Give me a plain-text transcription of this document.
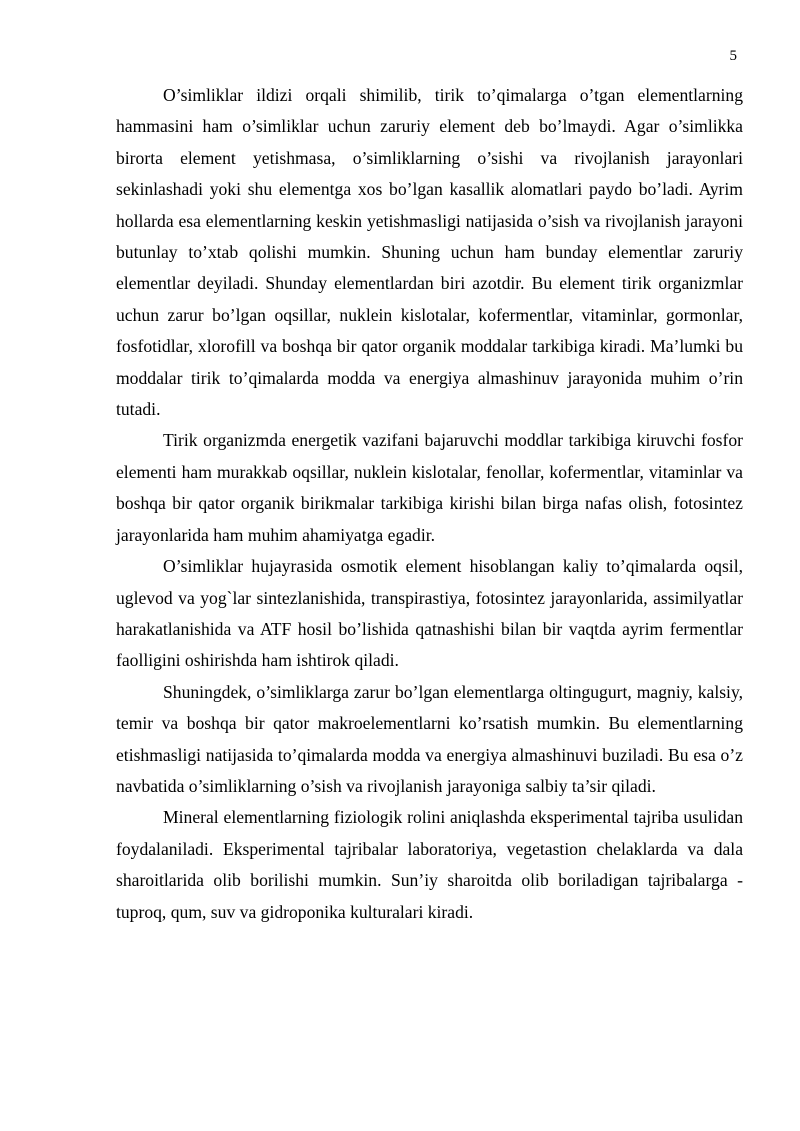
5

O’simliklar ildizi orqali shimilib, tirik to’qimalarga o’tgan elementlarning hammasini ham o’simliklar uchun zaruriy element deb bo’lmaydi. Agar o’simlikka birorta element yetishmasa, o’simliklarning o’sishi va rivojlanish jarayonlari sekinlashadi yoki shu elementga xos bo’lgan kasallik alomatlari paydo bo’ladi. Ayrim hollarda esa elementlarning keskin yetishmasligi natijasida o’sish va rivojlanish jarayoni butunlay to’xtab qolishi mumkin. Shuning uchun ham bunday elementlar zaruriy elementlar deyiladi. Shunday elementlardan biri azotdir. Bu element tirik organizmlar uchun zarur bo’lgan oqsillar, nuklein kislotalar, kofermentlar, vitaminlar, gormonlar, fosfotidlar, xlorofill va boshqa bir qator organik moddalar tarkibiga kiradi. Ma’lumki bu moddalar tirik to’qimalarda modda va energiya almashinuv jarayonida muhim o’rin tutadi.

Tirik organizmda energetik vazifani bajaruvchi moddlar tarkibiga kiruvchi fosfor elementi ham murakkab oqsillar, nuklein kislotalar, fenollar, kofermentlar, vitaminlar va boshqa bir qator organik birikmalar tarkibiga kirishi bilan birga nafas olish, fotosintez jarayonlarida ham muhim ahamiyatga egadir.

O’simliklar hujayrasida osmotik element hisoblangan kaliy to’qimalarda oqsil, uglevod va yog`lar sintezlanishida, transpirastiya, fotosintez jarayonlarida, assimilyatlar harakatlanishida va ATF hosil bo’lishida qatnashishi bilan bir vaqtda ayrim fermentlar faolligini oshirishda ham ishtirok qiladi.

Shuningdek, o’simliklarga zarur bo’lgan elementlarga oltingugurt, magniy, kalsiy, temir va boshqa bir qator makroelementlarni ko’rsatish mumkin. Bu elementlarning etishmasligi natijasida to’qimalarda modda va energiya almashinuvi buziladi. Bu esa o’z navbatida o’simliklarning o’sish va rivojlanish jarayoniga salbiy ta’sir qiladi.

Mineral elementlarning fiziologik rolini aniqlashda eksperimental tajriba usulidan foydalaniladi. Eksperimental tajribalar laboratoriya, vegetastion chelaklarda va dala sharoitlarida olib borilishi mumkin. Sun’iy sharoitda olib boriladigan tajribalarga - tuproq, qum, suv va gidroponika kulturalari kiradi.
